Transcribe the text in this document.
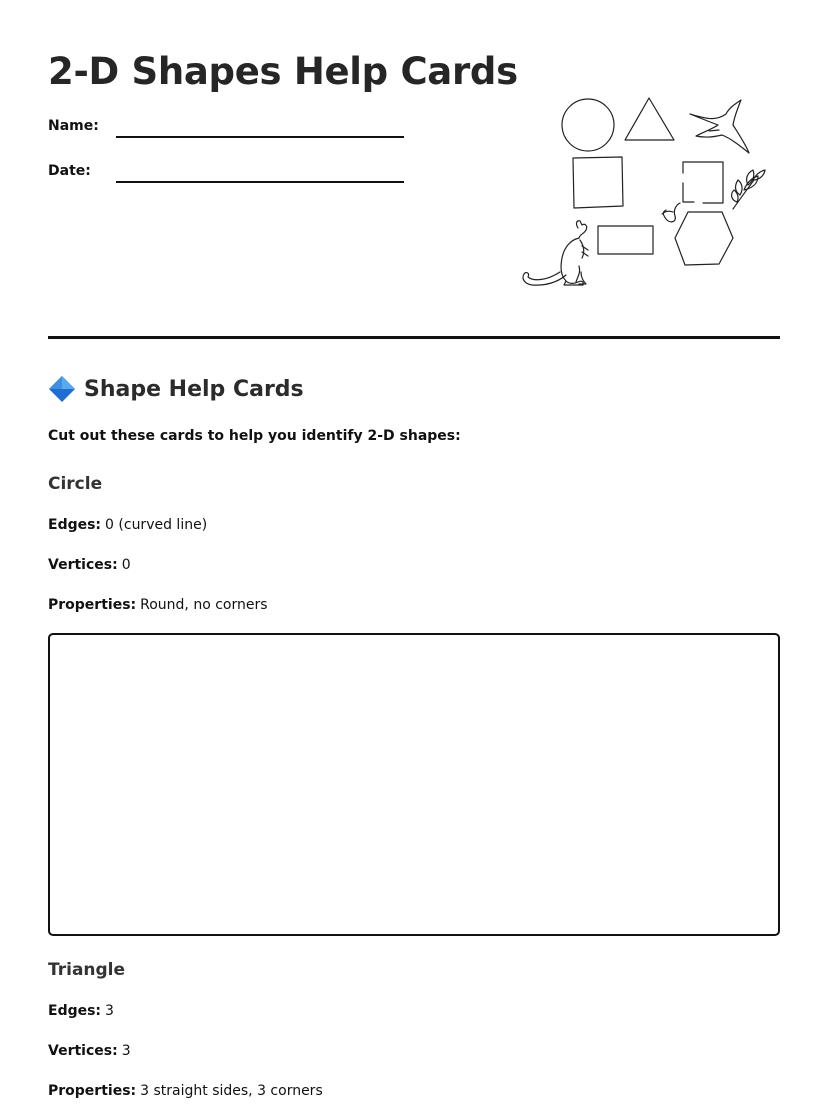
2-D Shapes Help Cards
Name:
Date:
Shape Help Cards

Cut out these cards to help you identify 2-D shapes:

Circle

Edges: 0 (curved line)

Vertices: 0

Properties: Round, no corners

Triangle

Edges: 3

Vertices: 3

Properties: 3 straight sides, 3 corners
